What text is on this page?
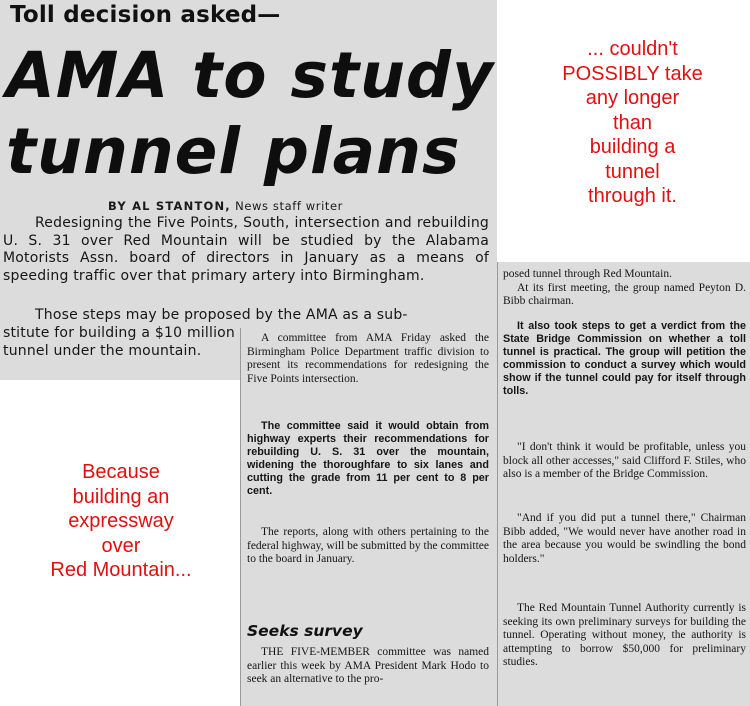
Toll decision asked—
AMA to study
tunnel plans
BY AL STANTON, News staff writer

Redesigning the Five Points, South, intersection and rebuilding U. S. 31 over Red Mountain will be studied by the Alabama Motorists Assn. board of directors in January as a means of speeding traffic over that primary artery into Birmingham.

Those steps may be proposed by the AMA as a sub-

stitute for building a $10 million tunnel under the mountain.

A committee from AMA Friday asked the Birmingham Police Department traffic division to present its recommendations for redesigning the Five Points intersection.

The committee said it would obtain from highway experts their recommendations for rebuilding U. S. 31 over the mountain, widening the thoroughfare to six lanes and cutting the grade from 11 per cent to 8 per cent.

The reports, along with others pertaining to the federal highway, will be submitted by the committee to the board in January.

Seeks survey

THE FIVE-MEMBER committee was named earlier this week by AMA President Mark Hodo to seek an alternative to the pro-

posed tunnel through Red Mountain.
At its first meeting, the group named Peyton D. Bibb chairman.

It also took steps to get a verdict from the State Bridge Commission on whether a toll tunnel is practical. The group will petition the commission to conduct a survey which would show if the tunnel could pay for itself through tolls.

"I don't think it would be profitable, unless you block all other accesses," said Clifford F. Stiles, who also is a member of the Bridge Commission.

"And if you did put a tunnel there," Chairman Bibb added, "We would never have another road in the area because you would be swindling the bond holders."

The Red Mountain Tunnel Authority currently is seeking its own preliminary surveys for building the tunnel. Operating without money, the authority is attempting to borrow $50,000 for preliminary studies.

... couldn't
POSSIBLY take
any longer
than
building a
tunnel
through it.

Because
building an
expressway
over
Red Mountain...
